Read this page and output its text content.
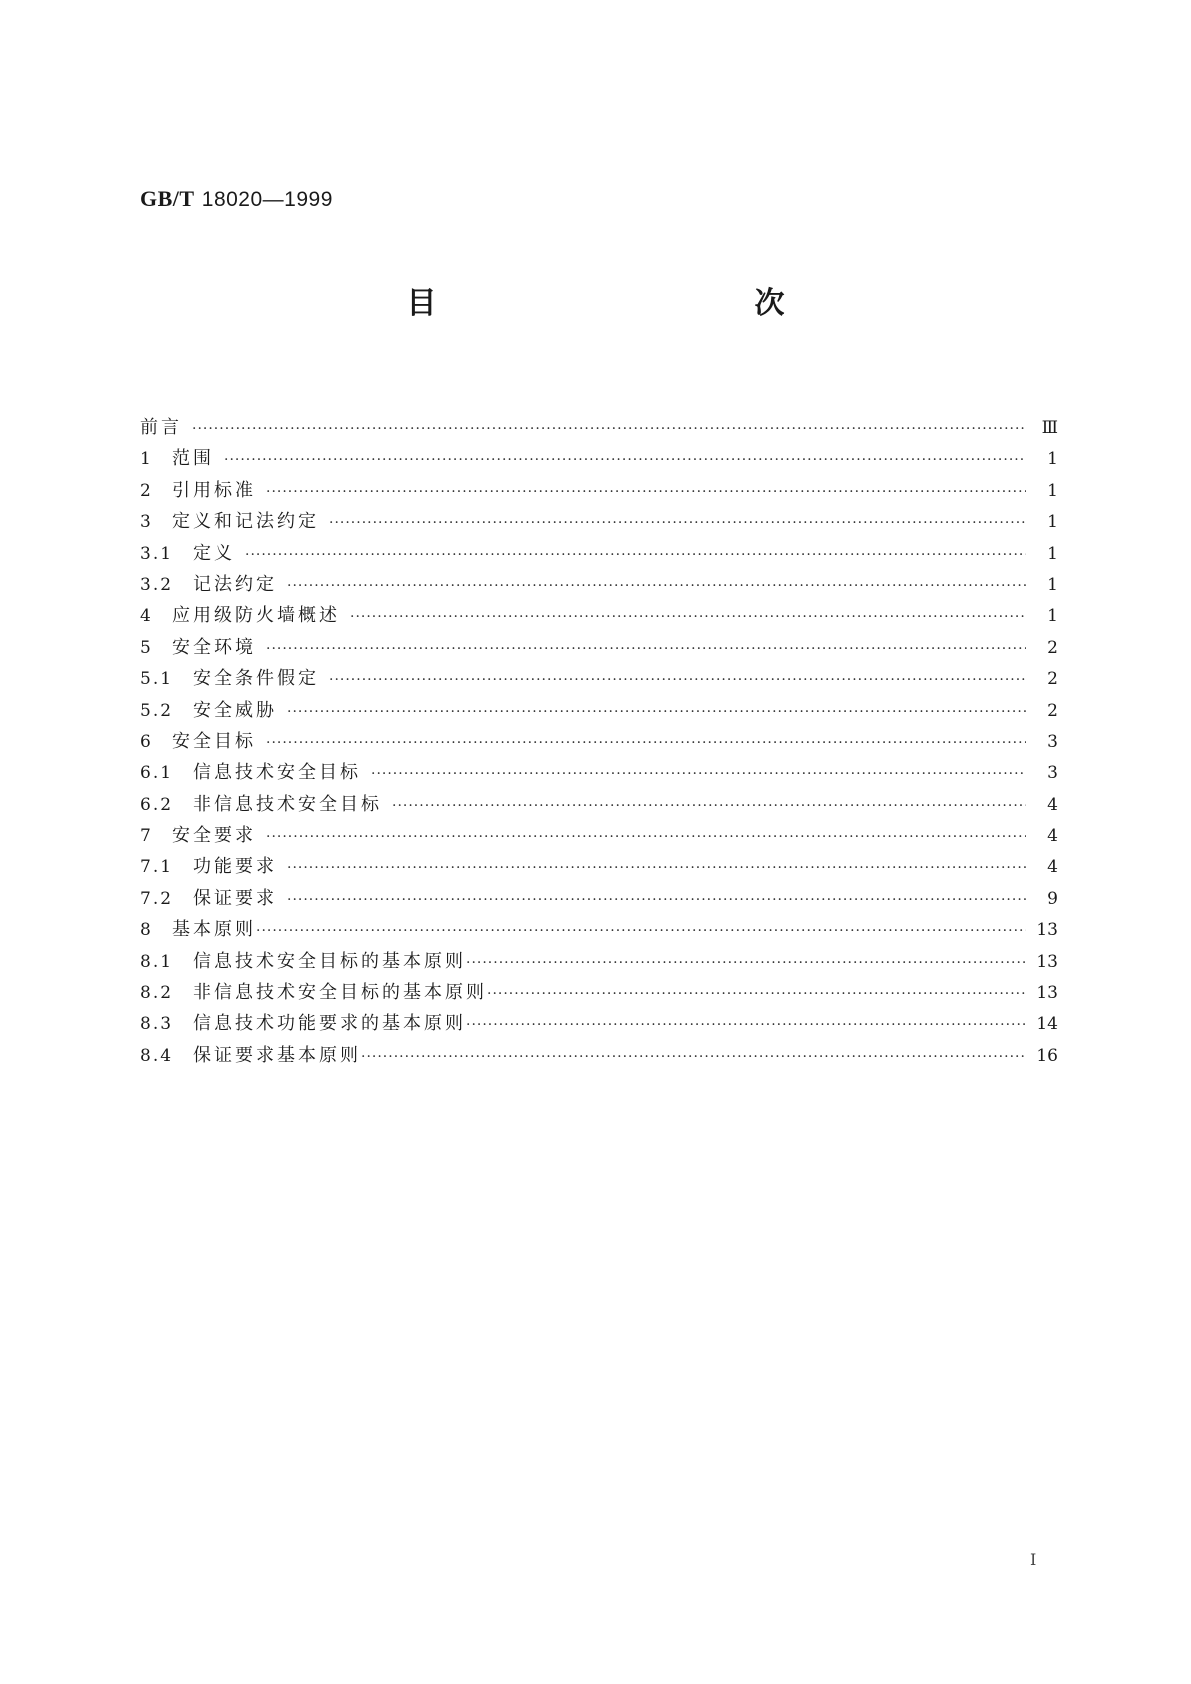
GB/T 18020—1999
目　　次
前言 ·····	Ⅲ
1	范围 ·····	1
2	引用标准 ·····	1
3	定义和记法约定 ·····	1
3.1	定义 ·····	1
3.2	记法约定 ·····	1
4	应用级防火墙概述 ·····	1
5	安全环境 ·····	2
5.1	安全条件假定 ·····	2
5.2	安全威胁 ·····	2
6	安全目标 ·····	3
6.1	信息技术安全目标 ·····	3
6.2	非信息技术安全目标 ·····	4
7	安全要求 ·····	4
7.1	功能要求 ·····	4
7.2	保证要求 ·····	9
8	基本原则 ·····	13
8.1	信息技术安全目标的基本原则 ·····	13
8.2	非信息技术安全目标的基本原则 ·····	13
8.3	信息技术功能要求的基本原则 ·····	14
8.4	保证要求基本原则 ·····	16
Ⅰ
